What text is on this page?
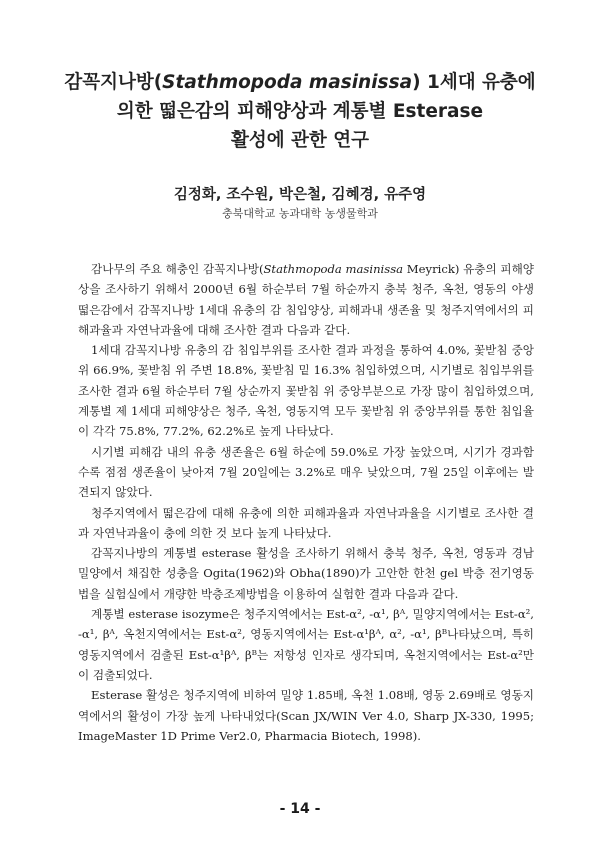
감꼭지나방(Stathmopoda masinissa) 1세대 유충에
의한 떫은감의 피해양상과 계통별 Esterase
활성에 관한 연구
김정화, 조수원, 박은철, 김혜경, 유주영
충북대학교 농과대학 농생물학과

감나무의 주요 해충인 감꼭지나방(Stathmopoda masinissa Meyrick) 유충의 피해양상을 조사하기 위해서 2000년 6월 하순부터 7월 하순까지 충북 청주, 옥천, 영동의 야생 떫은감에서 감꼭지나방 1세대 유충의 감 침입양상, 피해과내 생존율 및 청주지역에서의 피해과율과 자연낙과율에 대해 조사한 결과 다음과 같다.

1세대 감꼭지나방 유충의 감 침입부위를 조사한 결과 과정을 통하여 4.0%, 꽃받침 중앙위 66.9%, 꽃받침 위 주변 18.8%, 꽃받침 밑 16.3% 침입하였으며, 시기별로 침입부위를 조사한 결과 6월 하순부터 7월 상순까지 꽃받침 위 중앙부분으로 가장 많이 침입하였으며, 계통별 제 1세대 피해양상은 청주, 옥천, 영동지역 모두 꽃받침 위 중앙부위를 통한 침입율이 각각 75.8%, 77.2%, 62.2%로 높게 나타났다.

시기별 피해감 내의 유충 생존율은 6월 하순에 59.0%로 가장 높았으며, 시기가 경과함수록 점점 생존율이 낮아져 7월 20일에는 3.2%로 매우 낮았으며, 7월 25일 이후에는 발견되지 않았다.

청주지역에서 떫은감에 대해 유충에 의한 피해과율과 자연낙과율을 시기별로 조사한 결과 자연낙과율이 충에 의한 것 보다 높게 나타났다.

감꼭지나방의 계통별 esterase 활성을 조사하기 위해서 충북 청주, 옥천, 영동과 경남 밀양에서 채집한 성충을 Ogita(1962)와 Obha(1890)가 고안한 한천 gel 박층 전기영동법을 실험실에서 개량한 박층조제방법을 이용하여 실험한 결과 다음과 같다.

계통별 esterase isozyme은 청주지역에서는 Est-α², -α¹, βᴬ, 밀양지역에서는 Est-α², -α¹, βᴬ, 옥천지역에서는 Est-α², 영동지역에서는 Est-α¹βᴬ, α², -α¹, βᴮ나타났으며, 특히 영동지역에서 검출된 Est-α¹βᴬ, βᴮ는 저항성 인자로 생각되며, 옥천지역에서는 Est-α²만이 검출되었다.

Esterase 활성은 청주지역에 비하여 밀양 1.85배, 옥천 1.08배, 영동 2.69배로 영동지역에서의 활성이 가장 높게 나타내었다(Scan JX/WIN Ver 4.0, Sharp JX-330, 1995; ImageMaster 1D Prime Ver2.0, Pharmacia Biotech, 1998).

- 14 -
